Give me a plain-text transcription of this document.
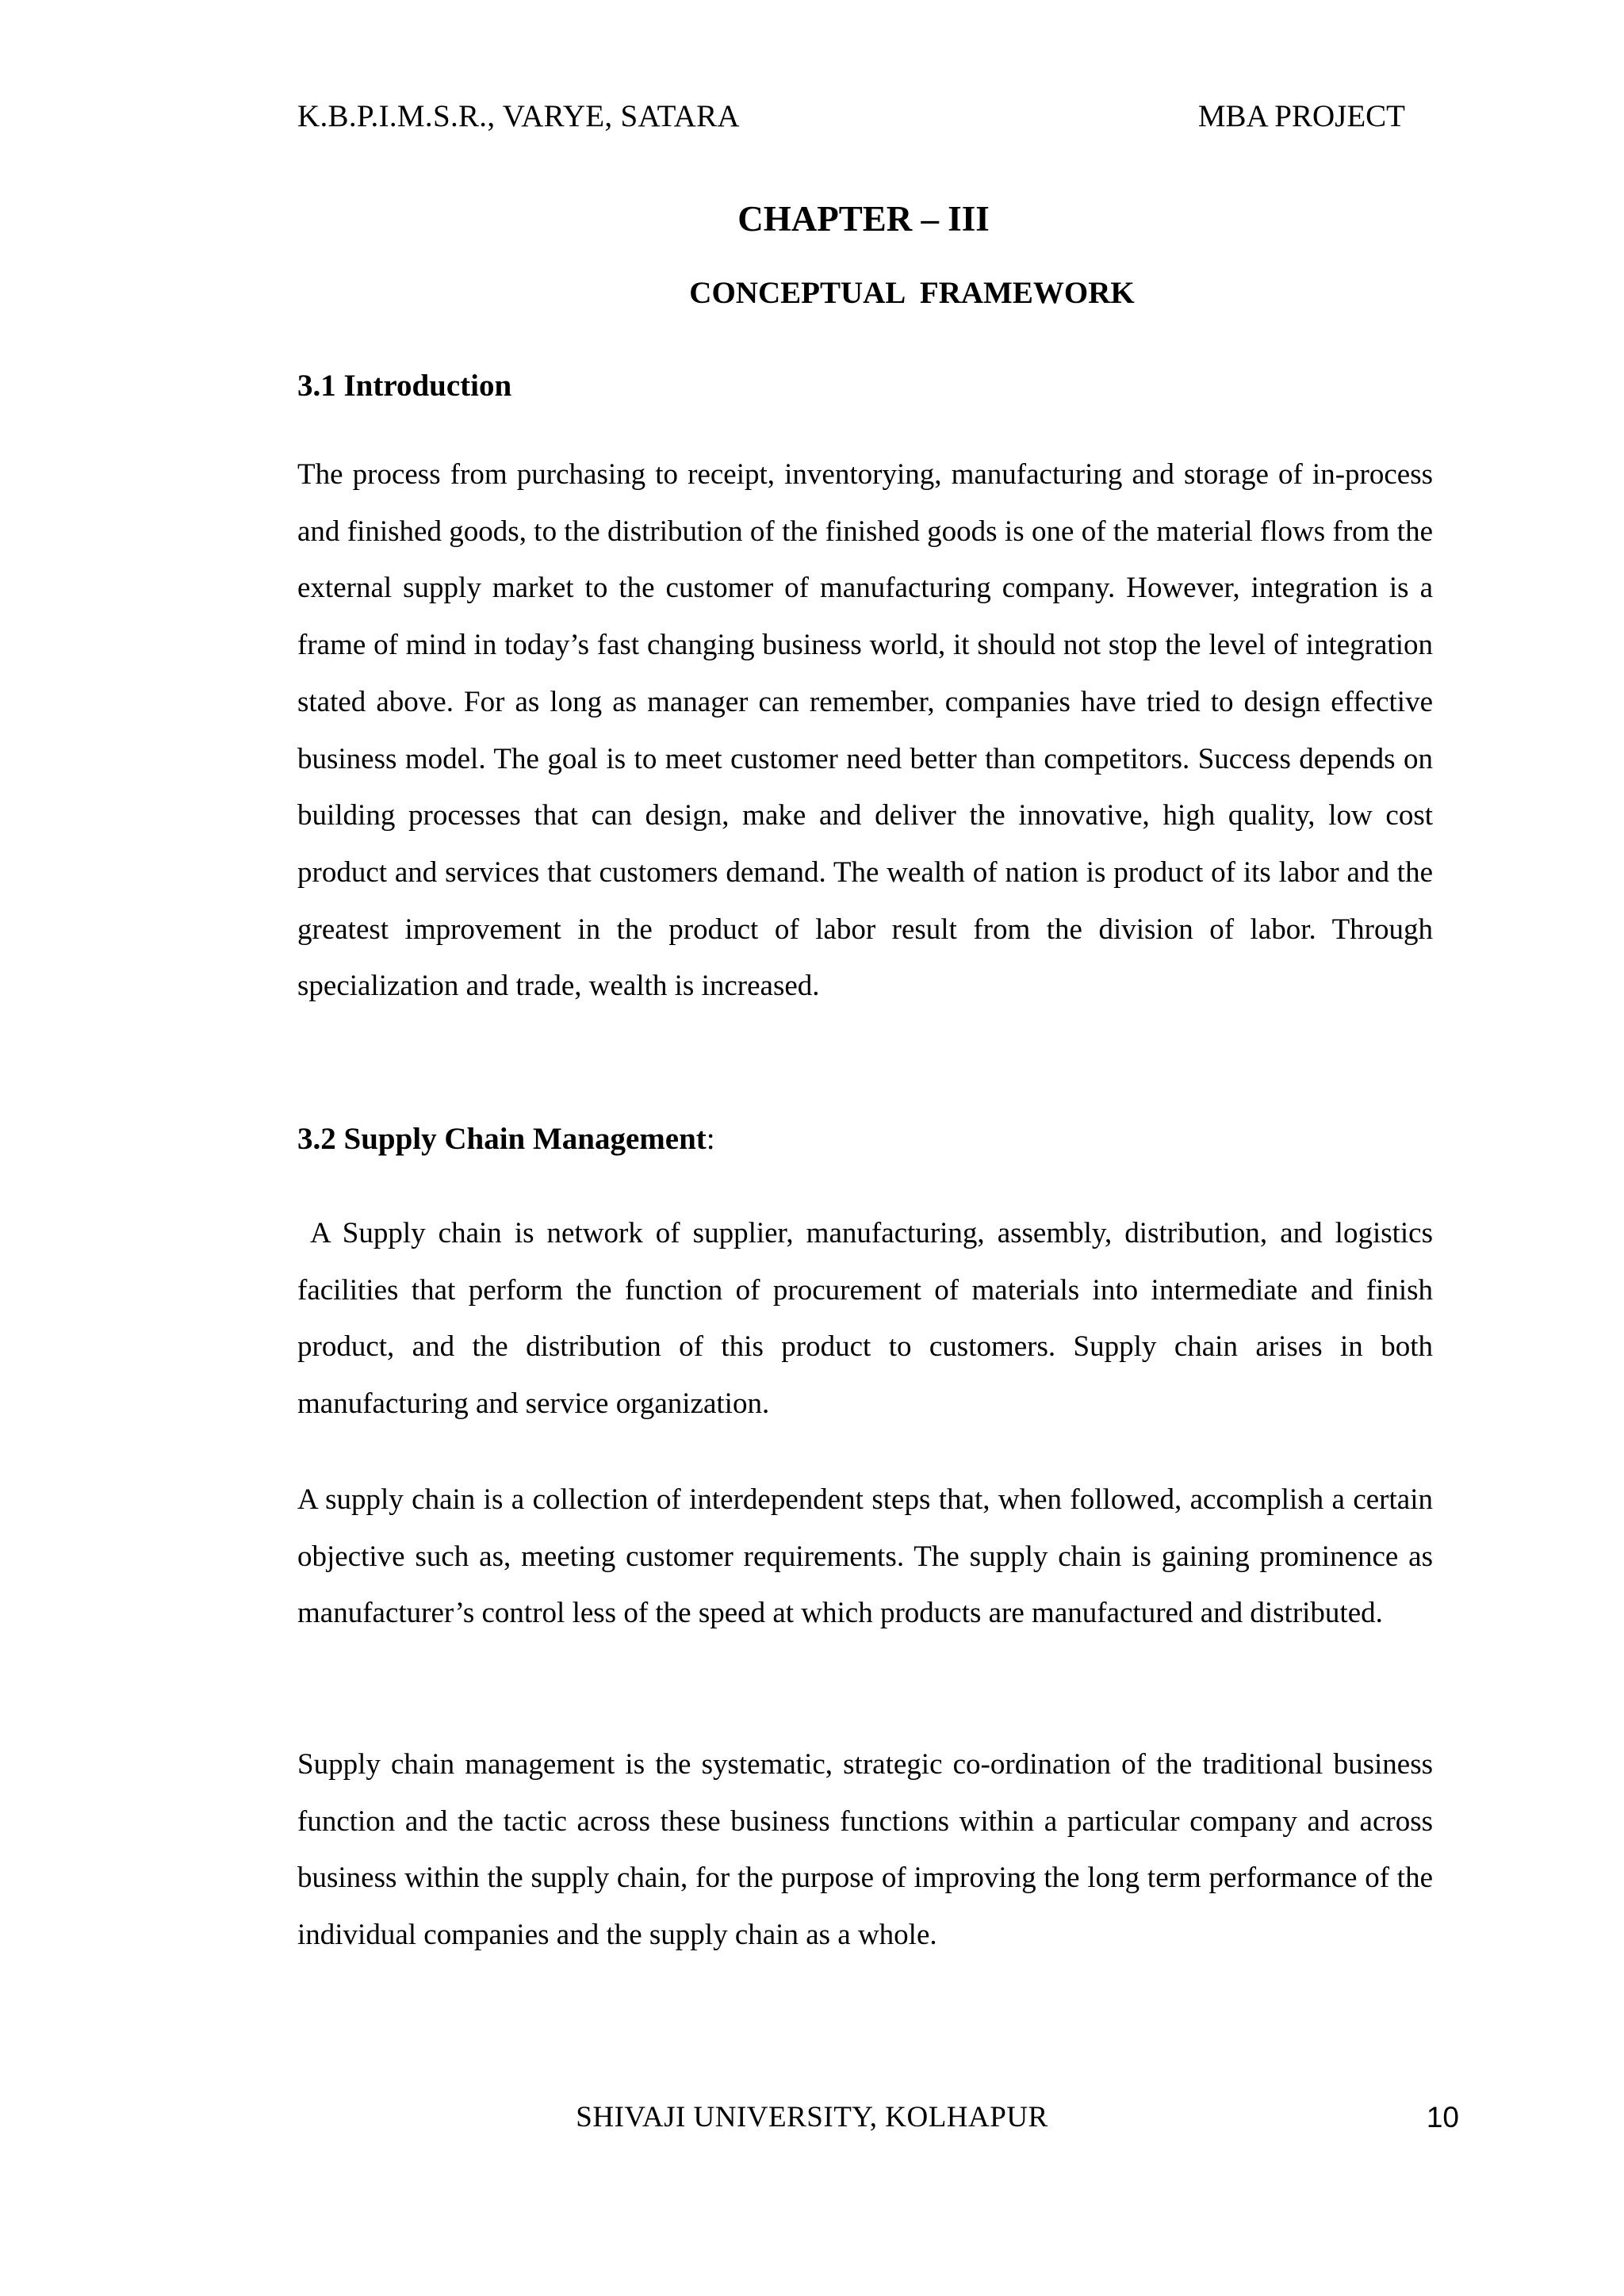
K.B.P.I.M.S.R., VARYE, SATARA	MBA PROJECT
CHAPTER – III
CONCEPTUAL FRAMEWORK
3.1 Introduction

The process from purchasing to receipt, inventorying, manufacturing and storage of in-process and finished goods, to the distribution of the finished goods is one of the material flows from the external supply market to the customer of manufacturing company. However, integration is a frame of mind in today’s fast changing business world, it should not stop the level of integration stated above. For as long as manager can remember, companies have tried to design effective business model. The goal is to meet customer need better than competitors. Success depends on building processes that can design, make and deliver the innovative, high quality, low cost product and services that customers demand. The wealth of nation is product of its labor and the greatest improvement in the product of labor result from the division of labor. Through specialization and trade, wealth is increased.

3.2 Supply Chain Management:

A Supply chain is network of supplier, manufacturing, assembly, distribution, and logistics facilities that perform the function of procurement of materials into intermediate and finish product, and the distribution of this product to customers. Supply chain arises in both manufacturing and service organization.

A supply chain is a collection of interdependent steps that, when followed, accomplish a certain objective such as, meeting customer requirements. The supply chain is gaining prominence as manufacturer’s control less of the speed at which products are manufactured and distributed.

Supply chain management is the systematic, strategic co-ordination of the traditional business function and the tactic across these business functions within a particular company and across business within the supply chain, for the purpose of improving the long term performance of the individual companies and the supply chain as a whole.

SHIVAJI UNIVERSITY, KOLHAPUR	10
